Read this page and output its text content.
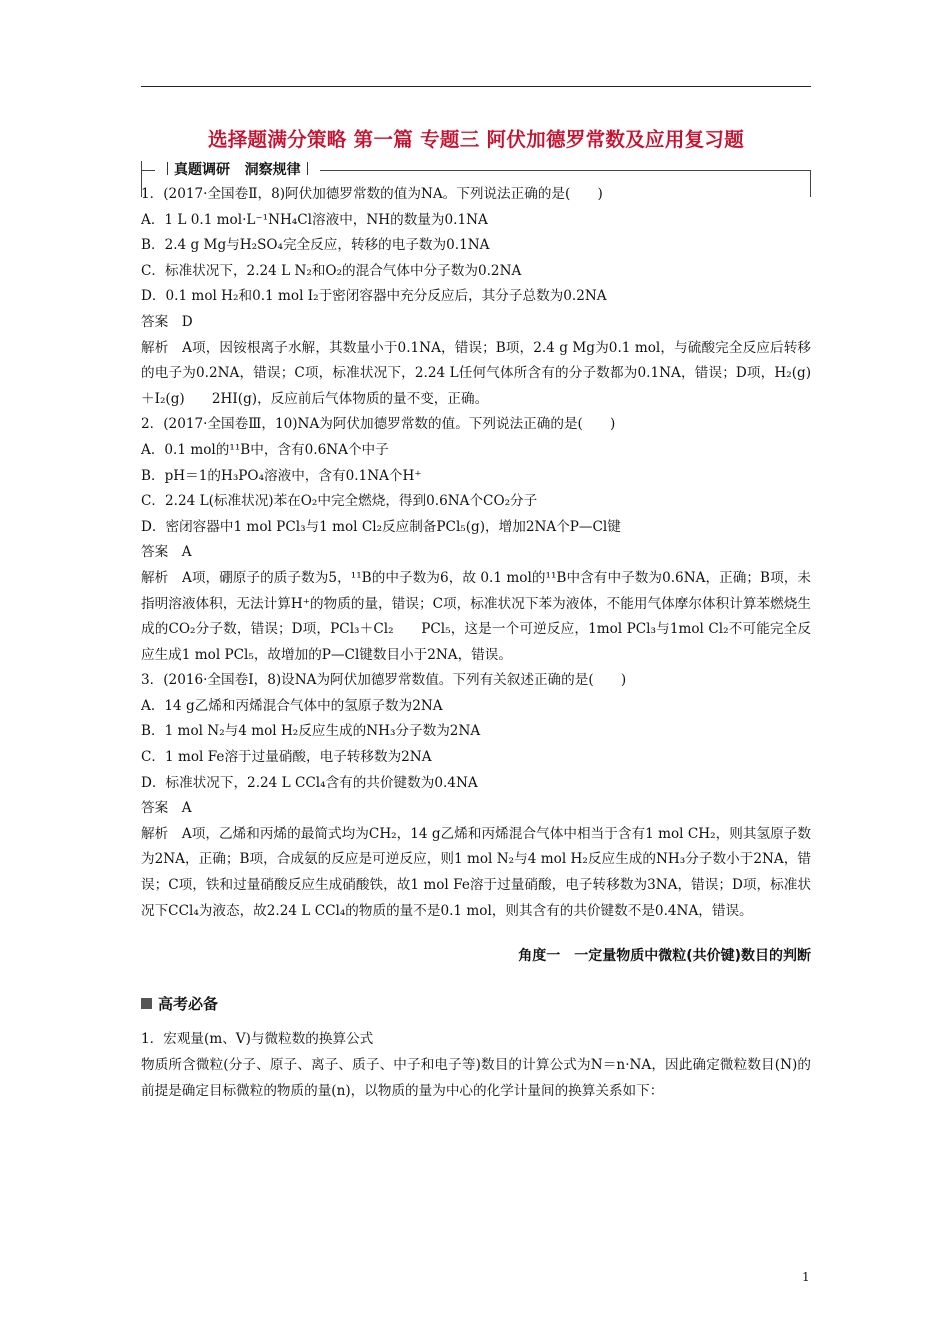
选择题满分策略 第一篇 专题三 阿伏加德罗常数及应用复习题
真题调研 洞察规律
1．(2017·全国卷Ⅱ，8)阿伏加德罗常数的值为NA。下列说法正确的是(　　)
A．1 L 0.1 mol·L⁻¹NH₄Cl溶液中，NH的数量为0.1NA
B．2.4 g Mg与H₂SO₄完全反应，转移的电子数为0.1NA
C．标准状况下，2.24 L N₂和O₂的混合气体中分子数为0.2NA
D．0.1 mol H₂和0.1 mol I₂于密闭容器中充分反应后，其分子总数为0.2NA
答案　D
解析　A项，因铵根离子水解，其数量小于0.1NA，错误；B项，2.4 g Mg为0.1 mol，与硫酸完全反应后转移的电子为0.2NA，错误；C项，标准状况下，2.24 L任何气体所含有的分子数都为0.1NA，错误；D项，H₂(g)＋I₂(g)　　2HI(g)，反应前后气体物质的量不变，正确。
2．(2017·全国卷Ⅲ，10)NA为阿伏加德罗常数的值。下列说法正确的是(　　)
A．0.1 mol的¹¹B中，含有0.6NA个中子
B．pH＝1的H₃PO₄溶液中，含有0.1NA个H⁺
C．2.24 L(标准状况)苯在O₂中完全燃烧，得到0.6NA个CO₂分子
D．密闭容器中1 mol PCl₃与1 mol Cl₂反应制备PCl₅(g)，增加2NA个P—Cl键
答案　A
解析　A项，硼原子的质子数为5，¹¹B的中子数为6，故 0.1 mol的¹¹B中含有中子数为0.6NA，正确；B项，未指明溶液体积，无法计算H⁺的物质的量，错误；C项，标准状况下苯为液体，不能用气体摩尔体积计算苯燃烧生成的CO₂分子数，错误；D项，PCl₃＋Cl₂　　PCl₅，这是一个可逆反应，1mol PCl₃与1mol Cl₂不可能完全反应生成1 mol PCl₅，故增加的P—Cl键数目小于2NA，错误。
3．(2016·全国卷Ⅰ，8)设NA为阿伏加德罗常数值。下列有关叙述正确的是(　　)
A．14 g乙烯和丙烯混合气体中的氢原子数为2NA
B．1 mol N₂与4 mol H₂反应生成的NH₃分子数为2NA
C．1 mol Fe溶于过量硝酸，电子转移数为2NA
D．标准状况下，2.24 L CCl₄含有的共价键数为0.4NA
答案　A
解析　A项，乙烯和丙烯的最简式均为CH₂，14 g乙烯和丙烯混合气体中相当于含有1 mol CH₂，则其氢原子数为2NA，正确；B项，合成氨的反应是可逆反应，则1 mol N₂与4 mol H₂反应生成的NH₃分子数小于2NA，错误；C项，铁和过量硝酸反应生成硝酸铁，故1 mol Fe溶于过量硝酸，电子转移数为3NA，错误；D项，标准状况下CCl₄为液态，故2.24 L CCl₄的物质的量不是0.1 mol，则其含有的共价键数不是0.4NA，错误。
角度一　一定量物质中微粒(共价键)数目的判断
高考必备
1．宏观量(m、V)与微粒数的换算公式
物质所含微粒(分子、原子、离子、质子、中子和电子等)数目的计算公式为N＝n·NA，因此确定微粒数目(N)的前提是确定目标微粒的物质的量(n)，以物质的量为中心的化学计量间的换算关系如下：
1
